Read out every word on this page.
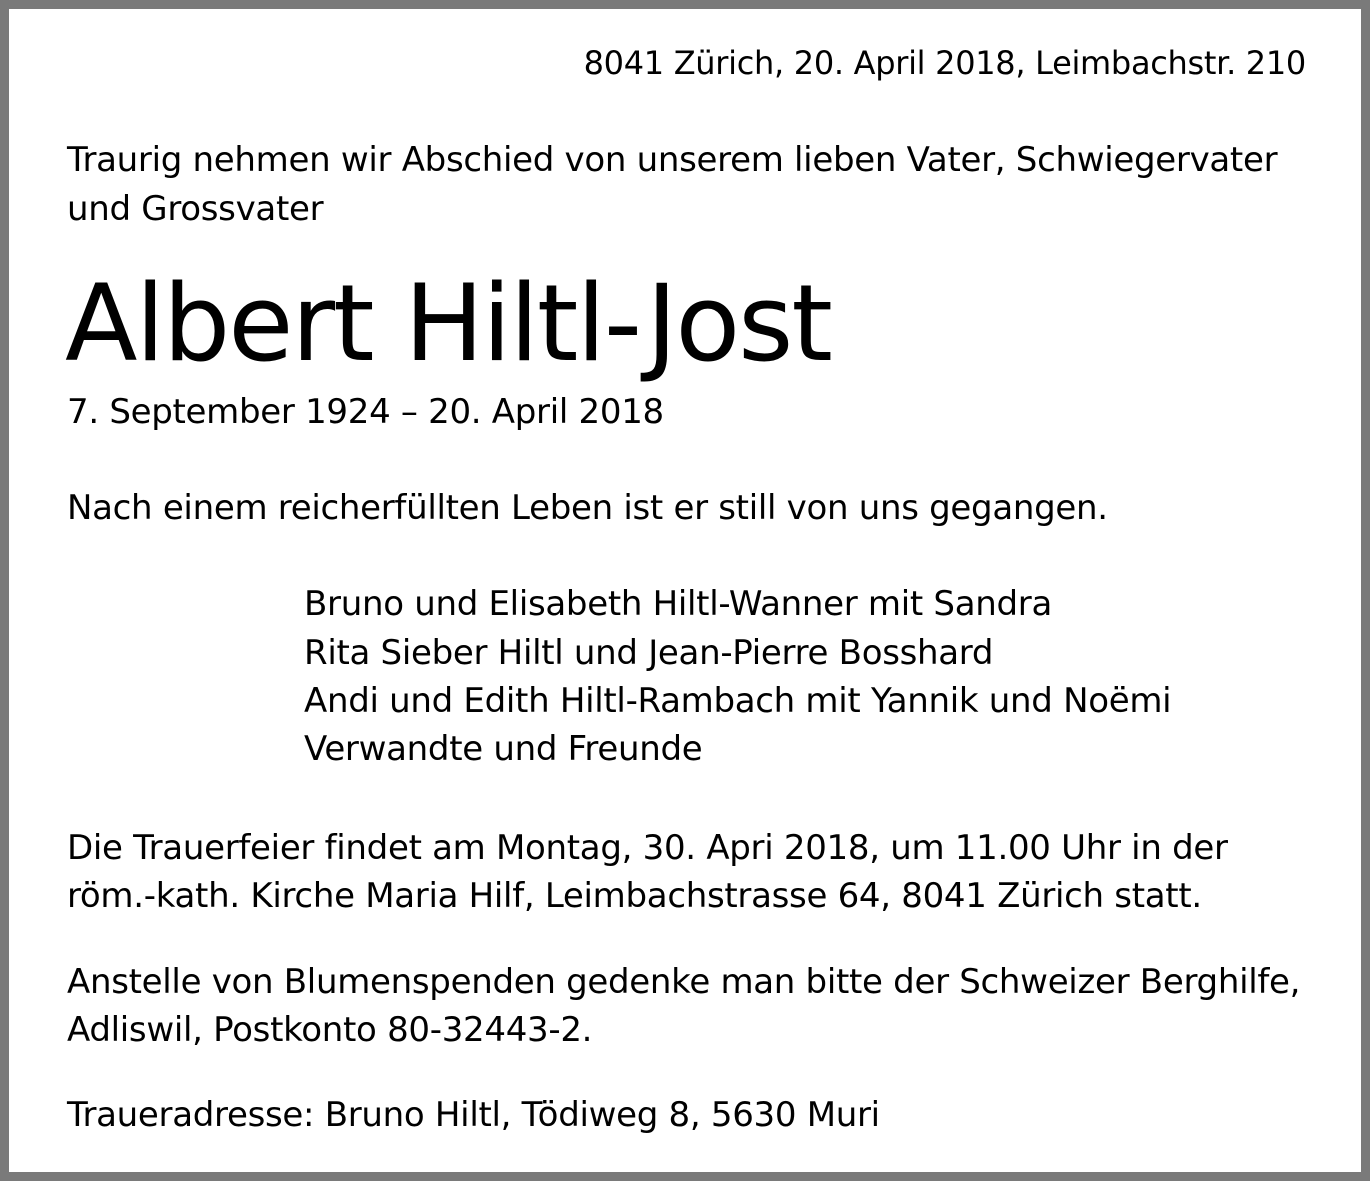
8041 Zürich, 20. April 2018, Leimbachstr. 210
Traurig nehmen wir Abschied von unserem lieben Vater, Schwiegervater
und Grossvater
Albert Hiltl-Jost
7. September 1924 – 20. April 2018
Nach einem reicherfüllten Leben ist er still von uns gegangen.
Bruno und Elisabeth Hiltl-Wanner mit Sandra
Rita Sieber Hiltl und Jean-Pierre Bosshard
Andi und Edith Hiltl-Rambach mit Yannik und Noëmi
Verwandte und Freunde
Die Trauerfeier findet am Montag, 30. Apri 2018, um 11.00 Uhr in der
röm.-kath. Kirche Maria Hilf, Leimbachstrasse 64, 8041 Zürich statt.
Anstelle von Blumenspenden gedenke man bitte der Schweizer Berghilfe,
Adliswil, Postkonto 80-32443-2.
Traueradresse: Bruno Hiltl, Tödiweg 8, 5630 Muri
